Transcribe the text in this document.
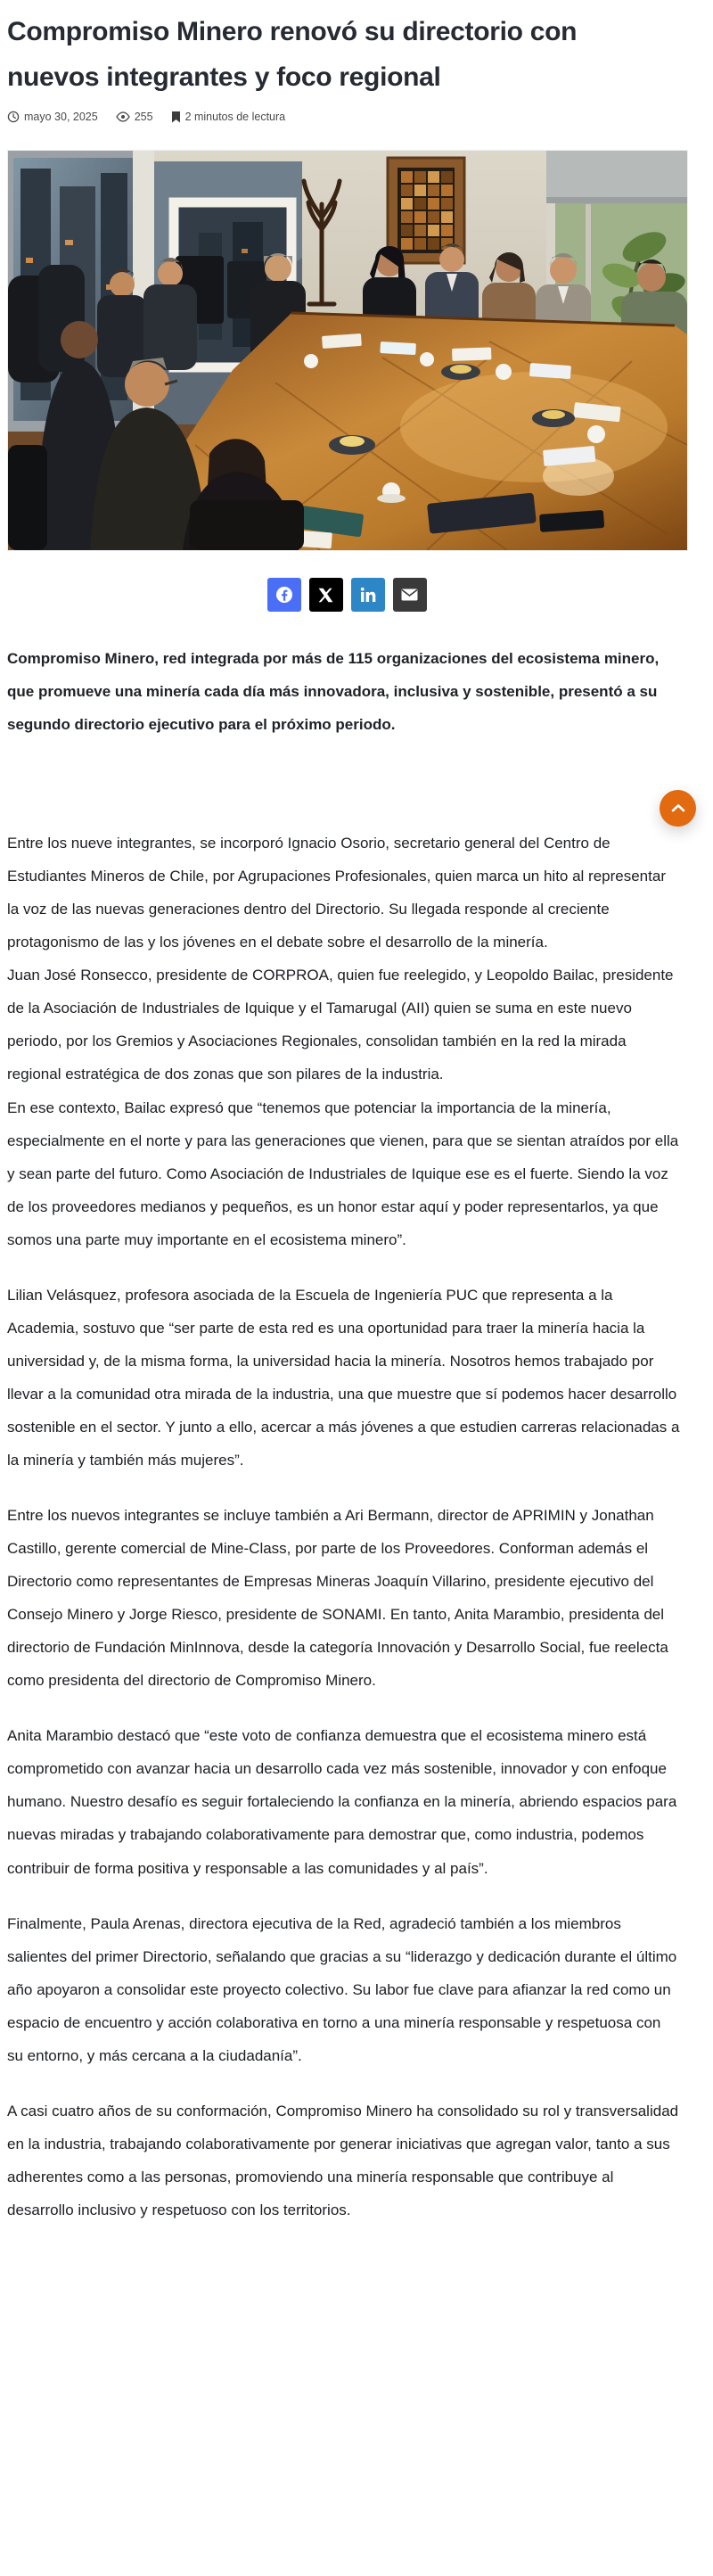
Compromiso Minero renovó su directorio con nuevos integrantes y foco regional
mayo 30, 2025	255	2 minutos de lectura

Compromiso Minero, red integrada por más de 115 organizaciones del ecosistema minero, que promueve una minería cada día más innovadora, inclusiva y sostenible, presentó a su segundo directorio ejecutivo para el próximo periodo.

Entre los nueve integrantes, se incorporó Ignacio Osorio, secretario general del Centro de Estudiantes Mineros de Chile, por Agrupaciones Profesionales, quien marca un hito al representar la voz de las nuevas generaciones dentro del Directorio. Su llegada responde al creciente protagonismo de las y los jóvenes en el debate sobre el desarrollo de la minería.

Juan José Ronsecco, presidente de CORPROA, quien fue reelegido, y Leopoldo Bailac, presidente de la Asociación de Industriales de Iquique y el Tamarugal (AII) quien se suma en este nuevo periodo, por los Gremios y Asociaciones Regionales, consolidan también en la red la mirada regional estratégica de dos zonas que son pilares de la industria.

En ese contexto, Bailac expresó que “tenemos que potenciar la importancia de la minería, especialmente en el norte y para las generaciones que vienen, para que se sientan atraídos por ella y sean parte del futuro. Como Asociación de Industriales de Iquique ese es el fuerte. Siendo la voz de los proveedores medianos y pequeños, es un honor estar aquí y poder representarlos, ya que somos una parte muy importante en el ecosistema minero”.

Lilian Velásquez, profesora asociada de la Escuela de Ingeniería PUC que representa a la Academia, sostuvo que “ser parte de esta red es una oportunidad para traer la minería hacia la universidad y, de la misma forma, la universidad hacia la minería. Nosotros hemos trabajado por llevar a la comunidad otra mirada de la industria, una que muestre que sí podemos hacer desarrollo sostenible en el sector. Y junto a ello, acercar a más jóvenes a que estudien carreras relacionadas a la minería y también más mujeres”.

Entre los nuevos integrantes se incluye también a Ari Bermann, director de APRIMIN y Jonathan Castillo, gerente comercial de Mine-Class, por parte de los Proveedores. Conforman además el Directorio como representantes de Empresas Mineras Joaquín Villarino, presidente ejecutivo del Consejo Minero y Jorge Riesco, presidente de SONAMI. En tanto, Anita Marambio, presidenta del directorio de Fundación MinInnova, desde la categoría Innovación y Desarrollo Social, fue reelecta como presidenta del directorio de Compromiso Minero.

Anita Marambio destacó que “este voto de confianza demuestra que el ecosistema minero está comprometido con avanzar hacia un desarrollo cada vez más sostenible, innovador y con enfoque humano. Nuestro desafío es seguir fortaleciendo la confianza en la minería, abriendo espacios para nuevas miradas y trabajando colaborativamente para demostrar que, como industria, podemos contribuir de forma positiva y responsable a las comunidades y al país”.

Finalmente, Paula Arenas, directora ejecutiva de la Red, agradeció también a los miembros salientes del primer Directorio, señalando que gracias a su “liderazgo y dedicación durante el último año apoyaron a consolidar este proyecto colectivo. Su labor fue clave para afianzar la red como un espacio de encuentro y acción colaborativa en torno a una minería responsable y respetuosa con su entorno, y más cercana a la ciudadanía”.

A casi cuatro años de su conformación, Compromiso Minero ha consolidado su rol y transversalidad en la industria, trabajando colaborativamente por generar iniciativas que agregan valor, tanto a sus adherentes como a las personas, promoviendo una minería responsable que contribuye al desarrollo inclusivo y respetuoso con los territorios.
